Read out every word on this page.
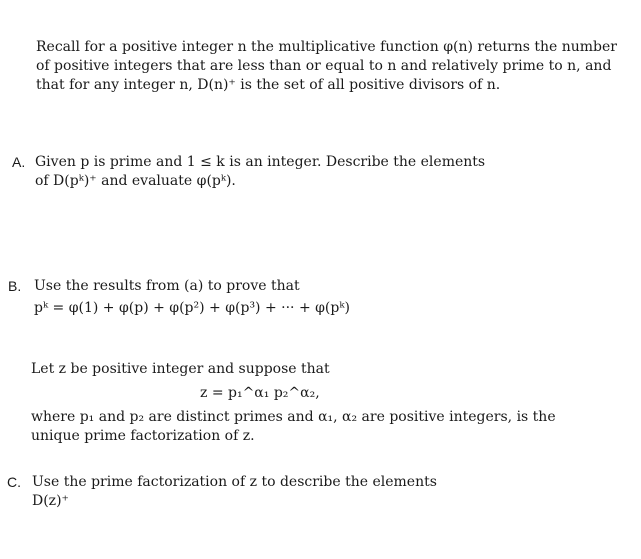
Recall for a positive integer n the multiplicative function φ(n) returns the number
of positive integers that are less than or equal to n and relatively prime to n, and
that for any integer n, D(n)⁺ is the set of all positive divisors of n.
A. Given p is prime and 1 ≤ k is an integer. Describe the elements
of D(pᵏ)⁺ and evaluate φ(pᵏ).
B. Use the results from (a) to prove that
pᵏ = φ(1) + φ(p) + φ(p²) + φ(p³) + ··· + φ(pᵏ)
Let z be positive integer and suppose that
z = p₁^α₁ p₂^α₂,
where p₁ and p₂ are distinct primes and α₁, α₂ are positive integers, is the
unique prime factorization of z.
C. Use the prime factorization of z to describe the elements
D(z)⁺
